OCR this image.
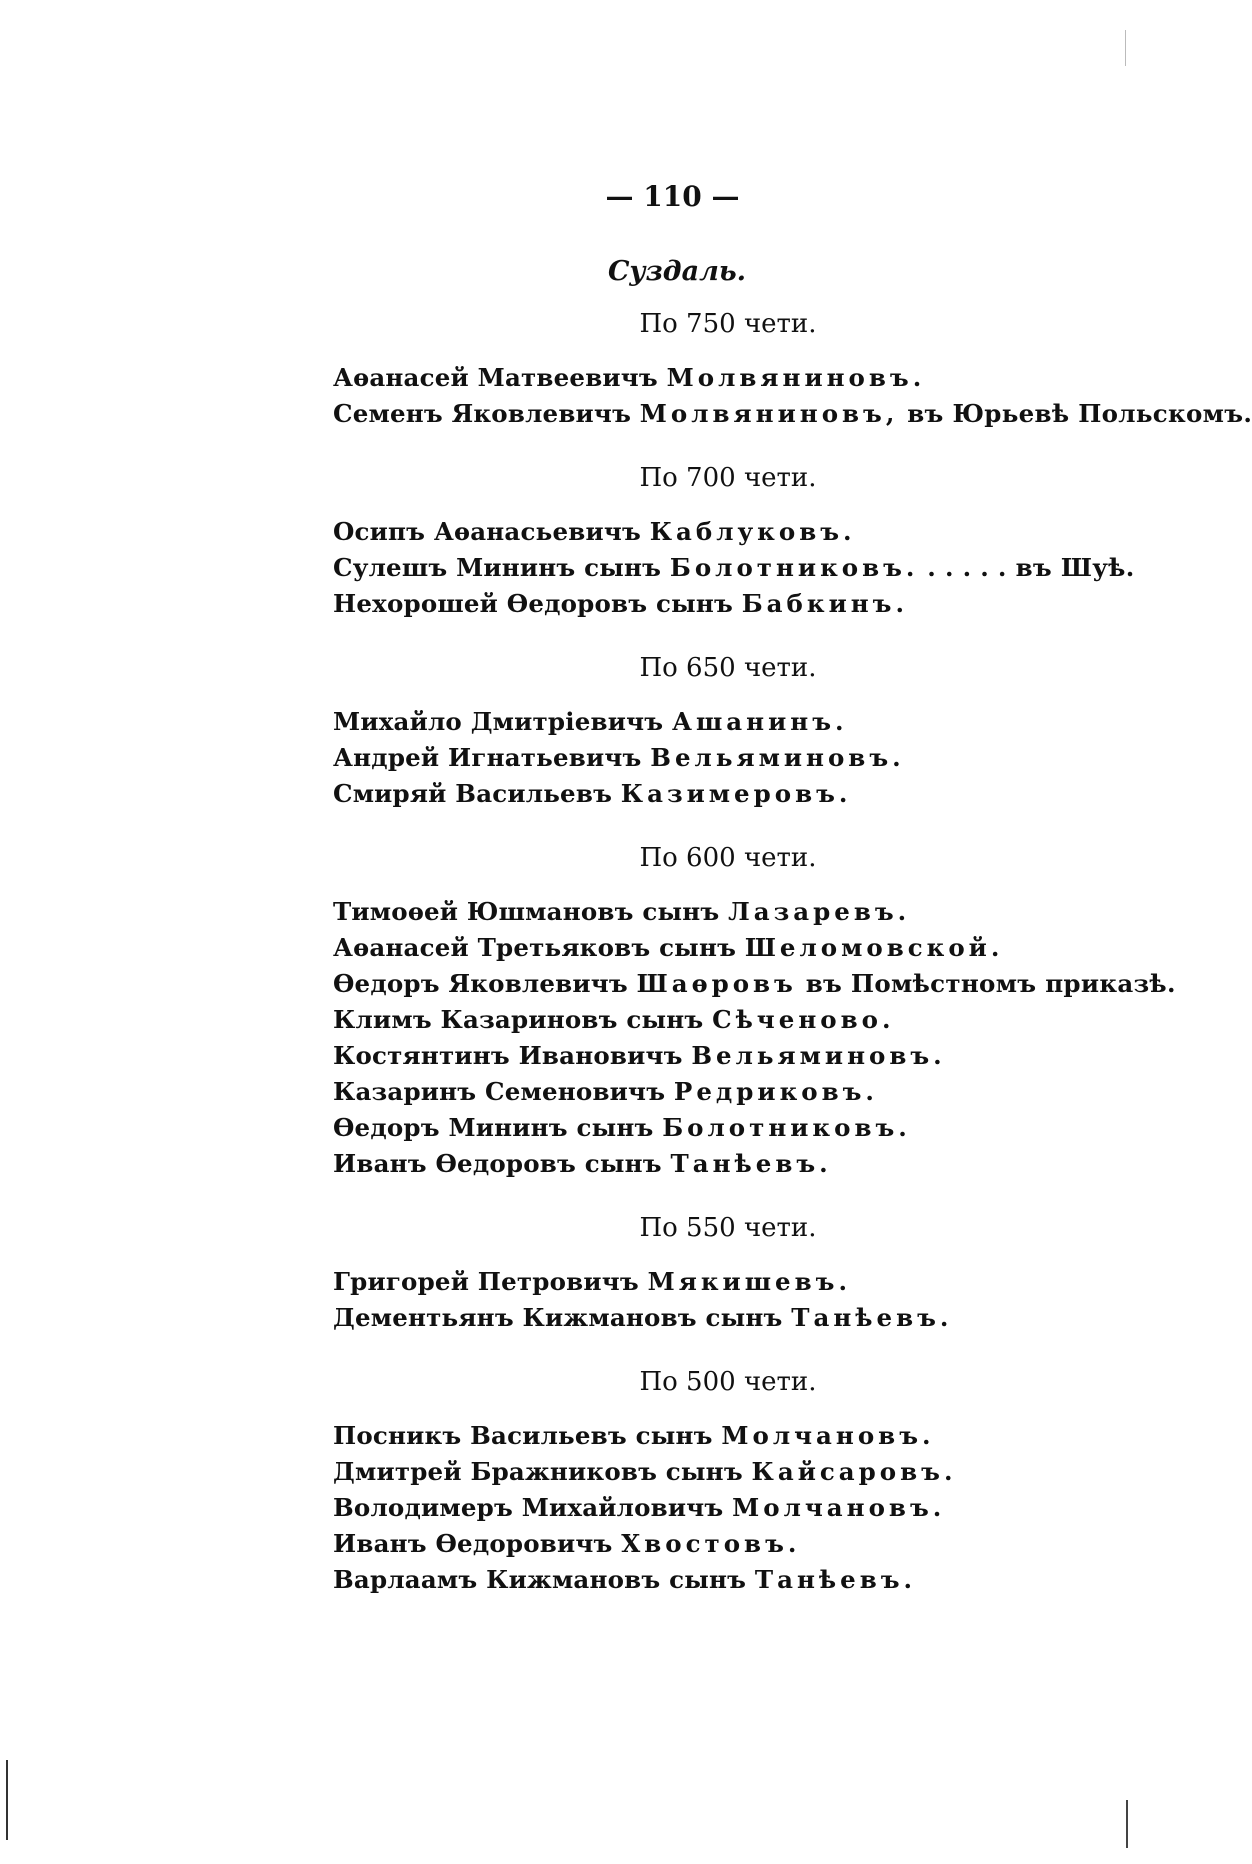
— 110 —
Суздаль.
По 750 чети.
Аѳанасей Матвеевичъ Молвяниновъ.
Семенъ Яковлевичъ Молвяниновъ, въ Юрьевѣ Польскомъ.
По 700 чети.
Осипъ Аѳанасьевичъ Каблуковъ.
Сулешъ Мининъ сынъ Болотниковъ. . . . . . въ Шуѣ.
Нехорошей Ѳедоровъ сынъ Бабкинъ.
По 650 чети.
Михайло Дмитріевичъ Ашанинъ.
Андрей Игнатьевичъ Вельяминовъ.
Смиряй Васильевъ Казимеровъ.
По 600 чети.
Тимоѳей Юшмановъ сынъ Лазаревъ.
Аѳанасей Третьяковъ сынъ Шеломовской.
Ѳедоръ Яковлевичъ Шаѳровъ въ Помѣстномъ приказѣ.
Климъ Казариновъ сынъ Сѣченово.
Костянтинъ Ивановичъ Вельяминовъ.
Казаринъ Семеновичъ Редриковъ.
Ѳедоръ Мининъ сынъ Болотниковъ.
Иванъ Ѳедоровъ сынъ Танѣевъ.
По 550 чети.
Григорей Петровичъ Мякишевъ.
Дементьянъ Кижмановъ сынъ Танѣевъ.
По 500 чети.
Посникъ Васильевъ сынъ Молчановъ.
Дмитрей Бражниковъ сынъ Кайсаровъ.
Володимеръ Михайловичъ Молчановъ.
Иванъ Ѳедоровичъ Хвостовъ.
Варлаамъ Кижмановъ сынъ Танѣевъ.
